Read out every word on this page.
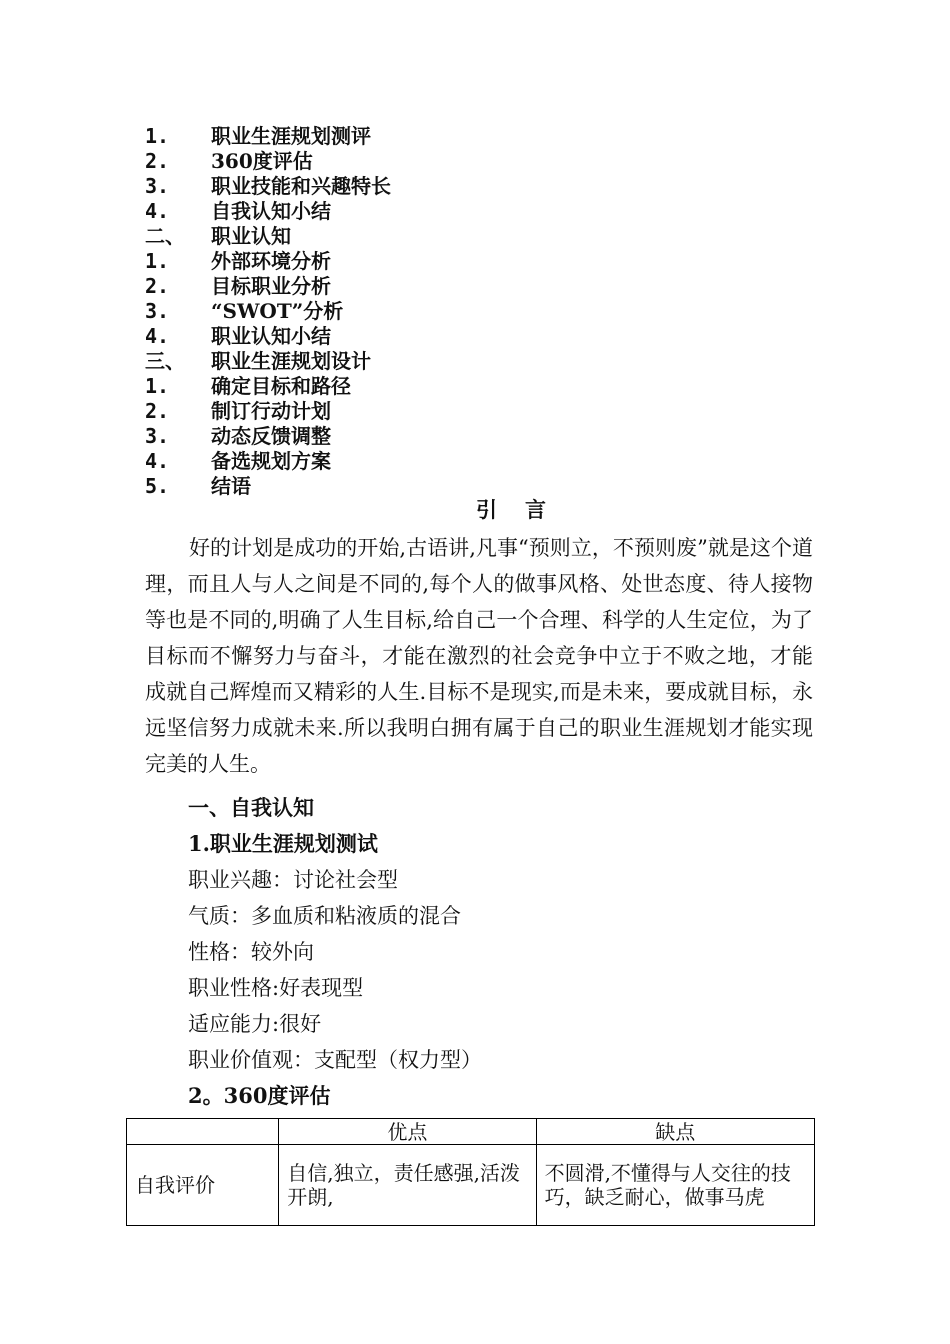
1.	职业生涯规划测评
2.	360度评估
3.	职业技能和兴趣特长
4.	自我认知小结
二、	职业认知
1.	外部环境分析
2.	目标职业分析
3.	“SWOT”分析
4.	职业认知小结
三、	职业生涯规划设计
1.	确定目标和路径
2.	制订行动计划
3.	动态反馈调整
4.	备选规划方案
5.	结语
引言

好的计划是成功的开始,古语讲,凡事“预则立，不预则废”就是这个道理，而且人与人之间是不同的,每个人的做事风格、处世态度、待人接物等也是不同的,明确了人生目标,给自己一个合理、科学的人生定位，为了目标而不懈努力与奋斗，才能在激烈的社会竞争中立于不败之地，才能成就自己辉煌而又精彩的人生.目标不是现实,而是未来，要成就目标，永远坚信努力成就未来.所以我明白拥有属于自己的职业生涯规划才能实现完美的人生。

一、自我认知
1.职业生涯规划测试
职业兴趣：讨论社会型
气质：多血质和粘液质的混合
性格：较外向
职业性格:好表现型
适应能力:很好
职业价值观：支配型（权力型）
2。360度评估
	优点	缺点
自我评价	自信,独立，责任感强,活泼开朗,	不圆滑,不懂得与人交往的技巧，缺乏耐心，做事马虎
